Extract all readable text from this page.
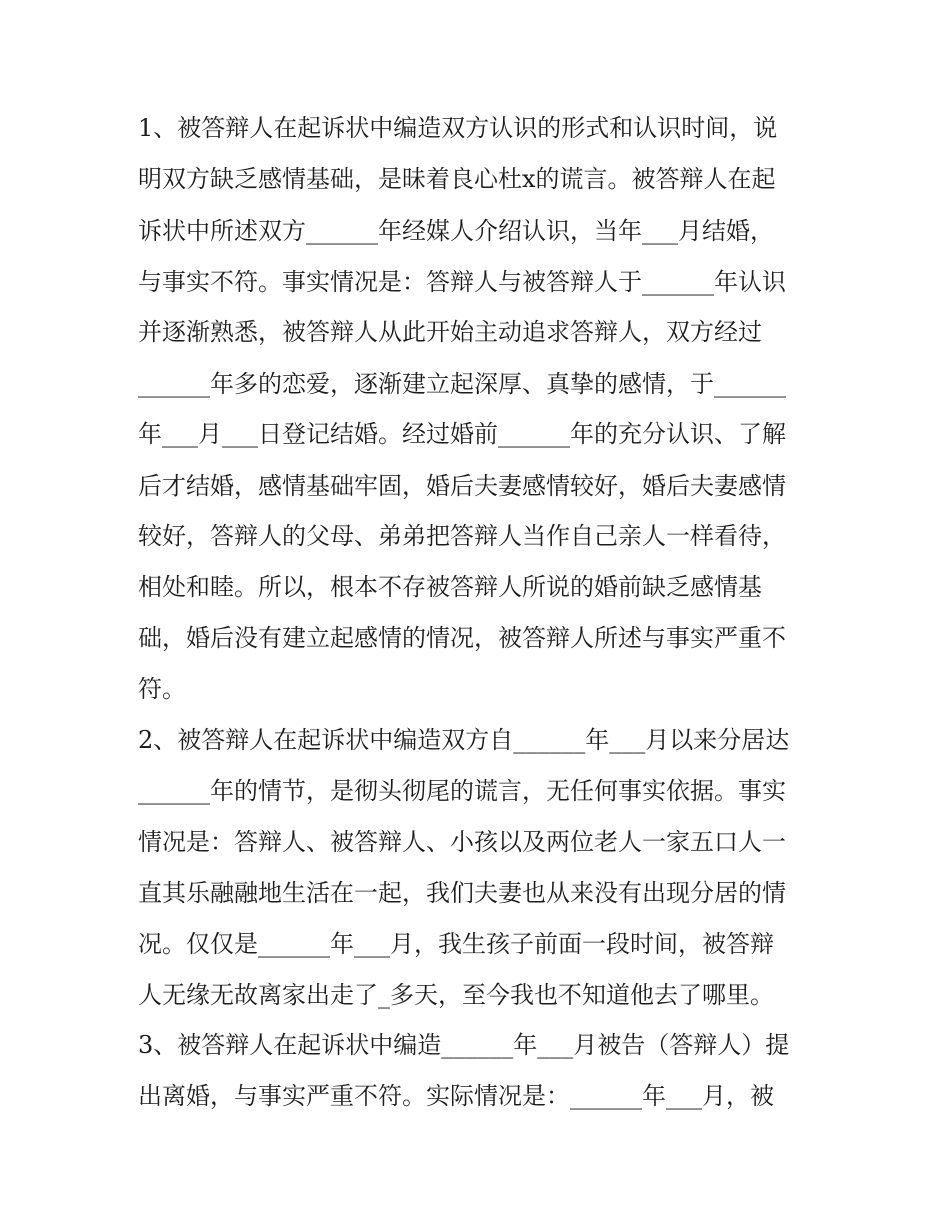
1、被答辩人在起诉状中编造双方认识的形式和认识时间，说
明双方缺乏感情基础，是昧着良心杜x的谎言。被答辩人在起
诉状中所述双方______年经媒人介绍认识，当年___月结婚，
与事实不符。事实情况是：答辩人与被答辩人于______年认识
并逐渐熟悉，被答辩人从此开始主动追求答辩人，双方经过
______年多的恋爱，逐渐建立起深厚、真挚的感情，于______
年___月___日登记结婚。经过婚前______年的充分认识、了解
后才结婚，感情基础牢固，婚后夫妻感情较好，婚后夫妻感情
较好，答辩人的父母、弟弟把答辩人当作自己亲人一样看待，
相处和睦。所以，根本不存被答辩人所说的婚前缺乏感情基
础，婚后没有建立起感情的情况，被答辩人所述与事实严重不
符。
2、被答辩人在起诉状中编造双方自______年___月以来分居达
______年的情节，是彻头彻尾的谎言，无任何事实依据。事实
情况是：答辩人、被答辩人、小孩以及两位老人一家五口人一
直其乐融融地生活在一起，我们夫妻也从来没有出现分居的情
况。仅仅是______年___月，我生孩子前面一段时间，被答辩
人无缘无故离家出走了_多天，至今我也不知道他去了哪里。
3、被答辩人在起诉状中编造______年___月被告（答辩人）提
出离婚，与事实严重不符。实际情况是：______年___月，被
